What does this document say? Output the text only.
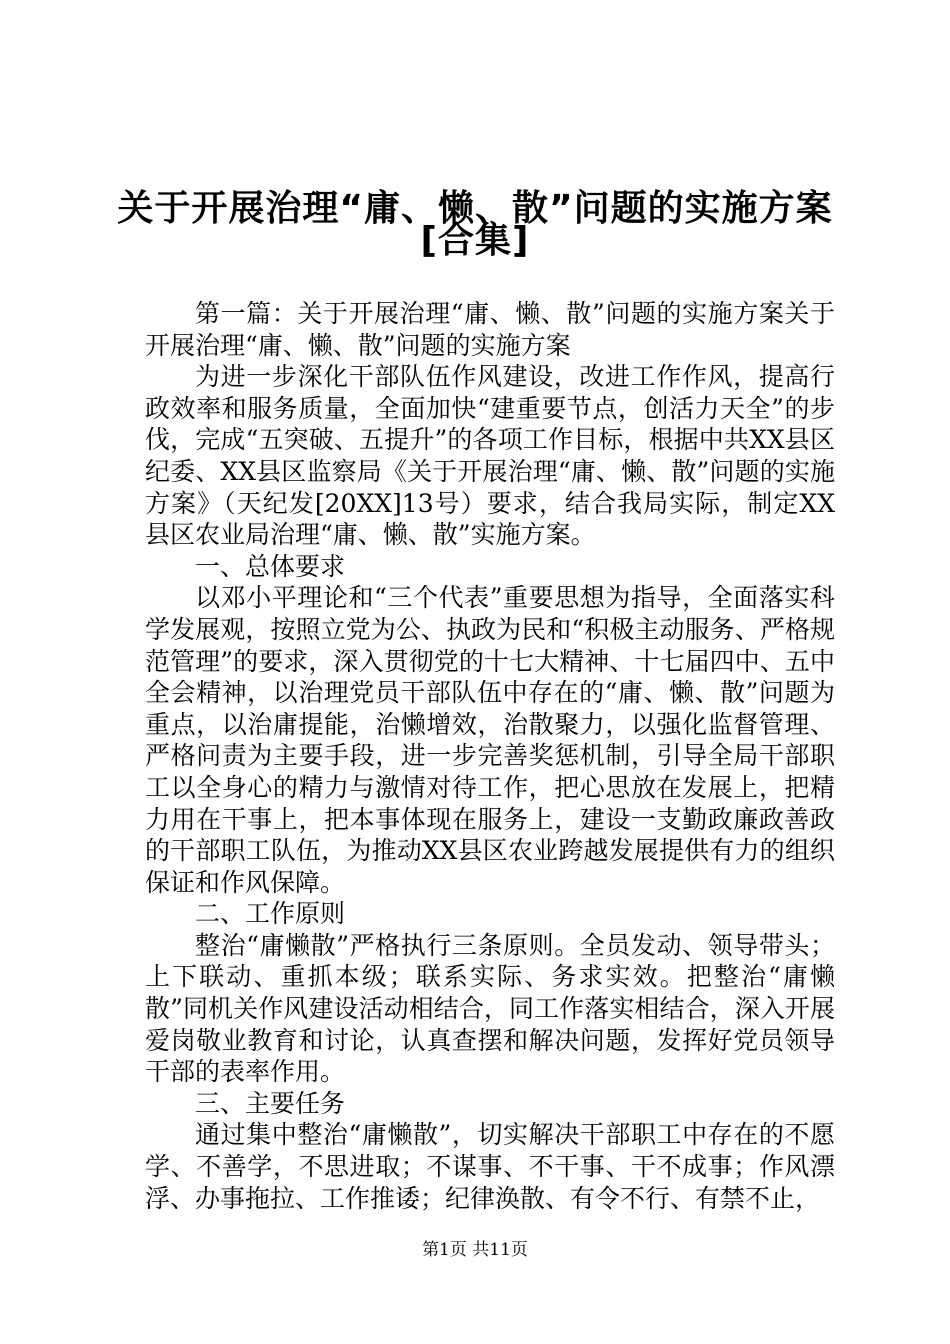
关于开展治理“庸、懒、散”问题的实施方案
[合集]

第一篇：关于开展治理“庸、懒、散”问题的实施方案关于开展治理“庸、懒、散”问题的实施方案

为进一步深化干部队伍作风建设，改进工作作风，提高行政效率和服务质量，全面加快“建重要节点，创活力天全”的步伐，完成“五突破、五提升”的各项工作目标，根据中共XX县区纪委、XX县区监察局《关于开展治理“庸、懒、散”问题的实施方案》（天纪发[20XX]13号）要求，结合我局实际，制定XX县区农业局治理“庸、懒、散”实施方案。

一、总体要求

以邓小平理论和“三个代表”重要思想为指导，全面落实科学发展观，按照立党为公、执政为民和“积极主动服务、严格规范管理”的要求，深入贯彻党的十七大精神、十七届四中、五中全会精神，以治理党员干部队伍中存在的“庸、懒、散”问题为重点，以治庸提能，治懒增效，治散聚力，以强化监督管理、严格问责为主要手段，进一步完善奖惩机制，引导全局干部职工以全身心的精力与激情对待工作，把心思放在发展上，把精力用在干事上，把本事体现在服务上，建设一支勤政廉政善政的干部职工队伍，为推动XX县区农业跨越发展提供有力的组织保证和作风保障。

二、工作原则

整治“庸懒散”严格执行三条原则。全员发动、领导带头；上下联动、重抓本级；联系实际、务求实效。把整治“庸懒散”同机关作风建设活动相结合，同工作落实相结合，深入开展爱岗敬业教育和讨论，认真查摆和解决问题，发挥好党员领导干部的表率作用。

三、主要任务

通过集中整治“庸懒散”，切实解决干部职工中存在的不愿学、不善学，不思进取；不谋事、不干事、干不成事；作风漂浮、办事拖拉、工作推诿；纪律涣散、有令不行、有禁不止，

第1页 共11页
